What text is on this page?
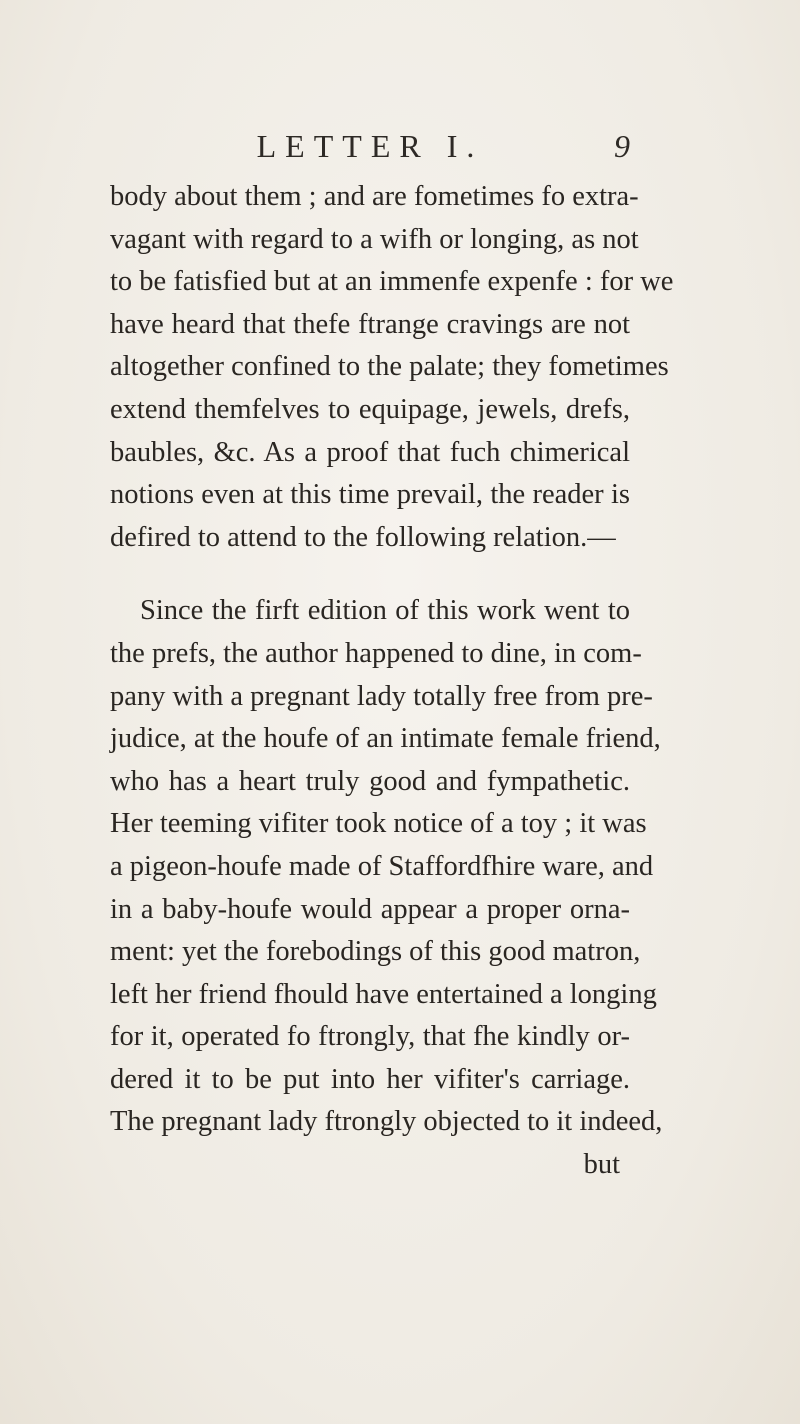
LETTER I.	9
body about them ; and are fometimes fo extra-
vagant with regard to a wifh or longing, as not
to be fatisfied but at an immenfe expenfe : for we
have heard that thefe ftrange cravings are not
altogether confined to the palate; they fometimes
extend themfelves to equipage, jewels, drefs,
baubles, &c. As a proof that fuch chimerical
notions even at this time prevail, the reader is
defired to attend to the following relation.—
Since the firft edition of this work went to
the prefs, the author happened to dine, in com-
pany with a pregnant lady totally free from pre-
judice, at the houfe of an intimate female friend,
who has a heart truly good and fympathetic.
Her teeming vifiter took notice of a toy ; it was
a pigeon-houfe made of Staffordfhire ware, and
in a baby-houfe would appear a proper orna-
ment: yet the forebodings of this good matron,
left her friend fhould have entertained a longing
for it, operated fo ftrongly, that fhe kindly or-
dered it to be put into her vifiter's carriage.
The pregnant lady ftrongly objected to it indeed,
but
